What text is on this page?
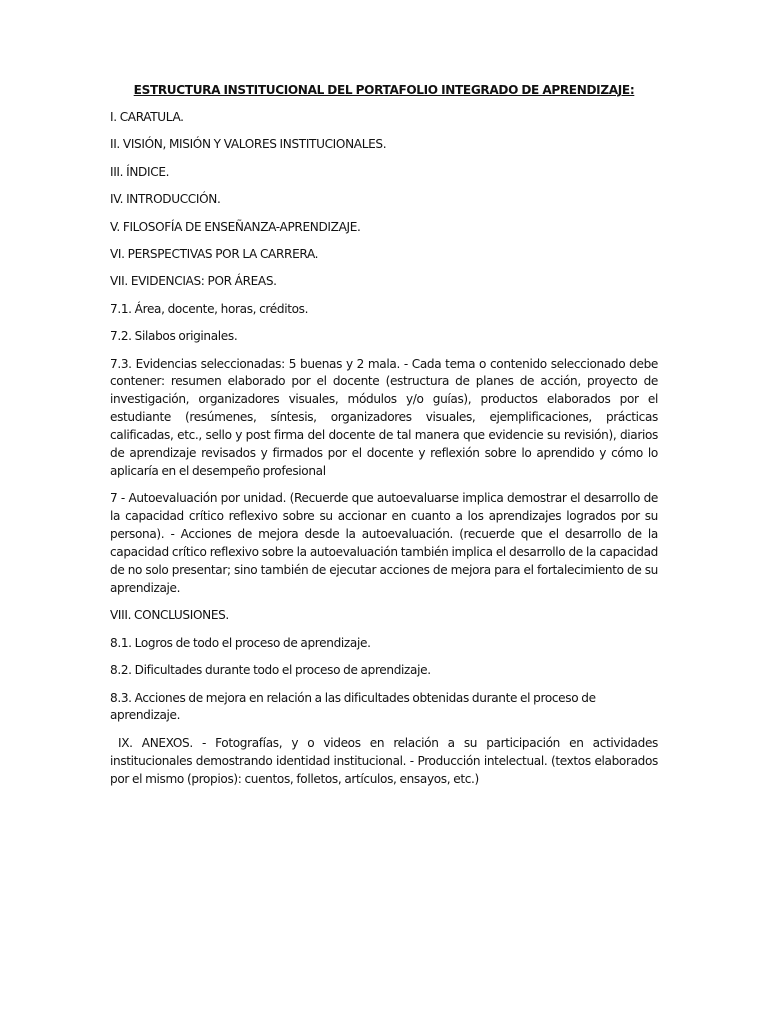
ESTRUCTURA INSTITUCIONAL DEL PORTAFOLIO INTEGRADO DE APRENDIZAJE:

I. CARATULA.

II. VISIÓN, MISIÓN Y VALORES INSTITUCIONALES.

III. ÍNDICE.

IV. INTRODUCCIÓN.

V. FILOSOFÍA DE ENSEÑANZA-APRENDIZAJE.

VI. PERSPECTIVAS POR LA CARRERA.

VII. EVIDENCIAS: POR ÁREAS.

7.1. Área, docente, horas, créditos.

7.2. Silabos originales.

7.3. Evidencias seleccionadas: 5 buenas y 2 mala. - Cada tema o contenido seleccionado debe contener: resumen elaborado por el docente (estructura de planes de acción, proyecto de investigación, organizadores visuales, módulos y/o guías), productos elaborados por el estudiante (resúmenes, síntesis, organizadores visuales, ejemplificaciones, prácticas calificadas, etc., sello y post firma del docente de tal manera que evidencie su revisión), diarios de aprendizaje revisados y firmados por el docente y reflexión sobre lo aprendido y cómo lo aplicaría en el desempeño profesional

7 - Autoevaluación por unidad. (Recuerde que autoevaluarse implica demostrar el desarrollo de la capacidad crítico reflexivo sobre su accionar en cuanto a los aprendizajes logrados por su persona). - Acciones de mejora desde la autoevaluación. (recuerde que el desarrollo de la capacidad crítico reflexivo sobre la autoevaluación también implica el desarrollo de la capacidad de no solo presentar; sino también de ejecutar acciones de mejora para el fortalecimiento de su aprendizaje.

VIII. CONCLUSIONES.

8.1. Logros de todo el proceso de aprendizaje.

8.2. Dificultades durante todo el proceso de aprendizaje.

8.3. Acciones de mejora en relación a las dificultades obtenidas durante el proceso de aprendizaje.

IX. ANEXOS. - Fotografías, y o videos en relación a su participación en actividades institucionales demostrando identidad institucional. - Producción intelectual. (textos elaborados por el mismo (propios): cuentos, folletos, artículos, ensayos, etc.)
